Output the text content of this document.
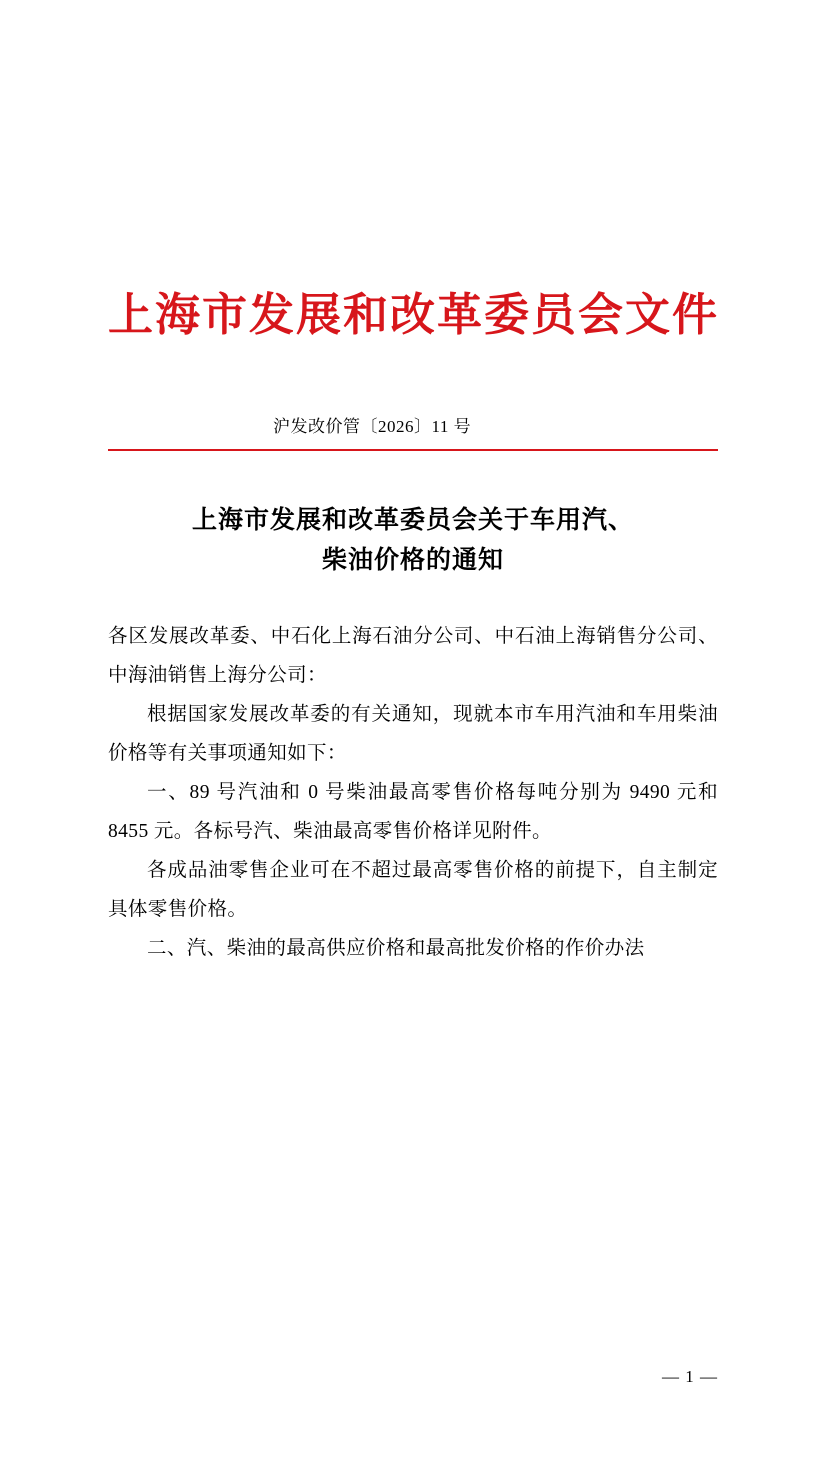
上海市发展和改革委员会文件
沪发改价管〔2026〕11 号
上海市发展和改革委员会关于车用汽、
柴油价格的通知

各区发展改革委、中石化上海石油分公司、中石油上海销售分公司、中海油销售上海分公司：

根据国家发展改革委的有关通知，现就本市车用汽油和车用柴油价格等有关事项通知如下：

一、89 号汽油和 0 号柴油最高零售价格每吨分别为 9490 元和 8455 元。各标号汽、柴油最高零售价格详见附件。

各成品油零售企业可在不超过最高零售价格的前提下，自主制定具体零售价格。

二、汽、柴油的最高供应价格和最高批发价格的作价办法

— 1 —
